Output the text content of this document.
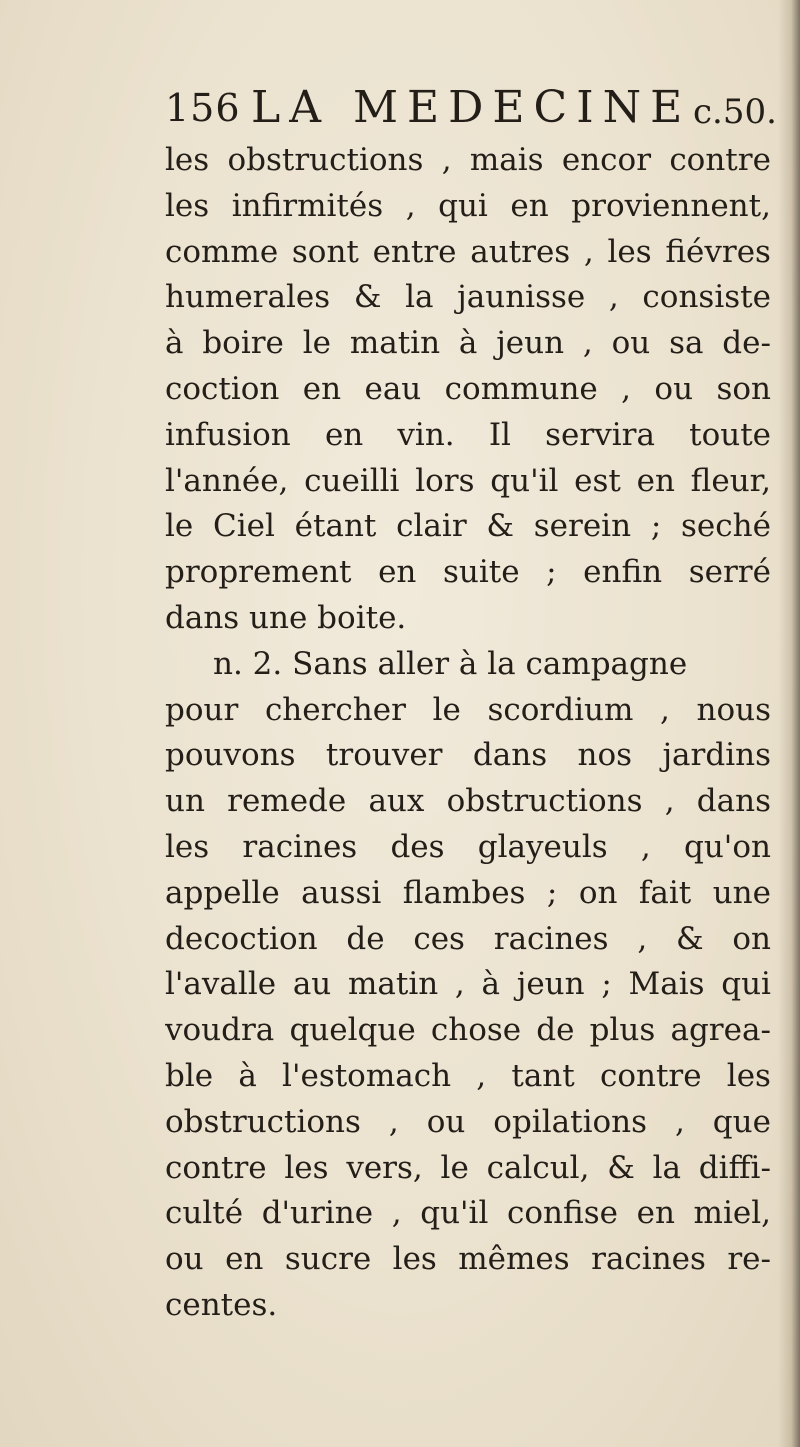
156 LA MEDECINE c.50.
les obstructions , mais encor contre
les infirmités , qui en proviennent,
comme sont entre autres , les fiévres
humerales & la jaunisse , consiste
à boire le matin à jeun , ou sa de-
coction en eau commune , ou son
infusion en vin. Il servira toute
l'année, cueilli lors qu'il est en fleur,
le Ciel étant clair & serein ; seché
proprement en suite ; enfin serré
dans une boite.
n. 2. Sans aller à la campagne
pour chercher le scordium , nous
pouvons trouver dans nos jardins
un remede aux obstructions , dans
les racines des glayeuls , qu'on
appelle aussi flambes ; on fait une
decoction de ces racines , & on
l'avalle au matin , à jeun ; Mais qui
voudra quelque chose de plus agrea-
ble à l'estomach , tant contre les
obstructions , ou opilations , que
contre les vers, le calcul, & la diffi-
culté d'urine , qu'il confise en miel,
ou en sucre les mêmes racines re-
centes.
